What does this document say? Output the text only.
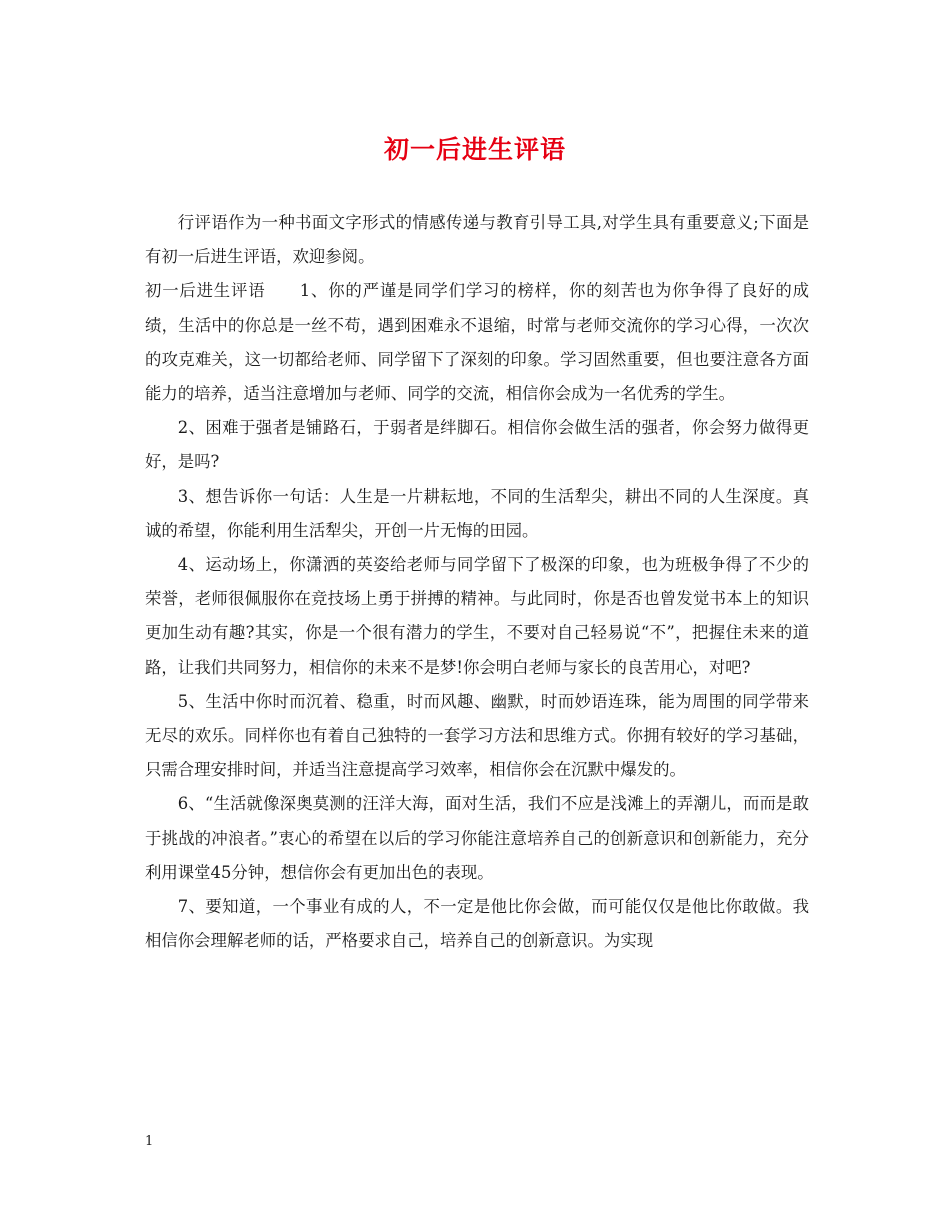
初一后进生评语

行评语作为一种书面文字形式的情感传递与教育引导工具,对学生具有重要意义;下面是有初一后进生评语，欢迎参阅。

初一后进生评语　　1、你的严谨是同学们学习的榜样，你的刻苦也为你争得了良好的成绩，生活中的你总是一丝不苟，遇到困难永不退缩，时常与老师交流你的学习心得，一次次的攻克难关，这一切都给老师、同学留下了深刻的印象。学习固然重要，但也要注意各方面能力的培养，适当注意增加与老师、同学的交流，相信你会成为一名优秀的学生。

2、困难于强者是铺路石，于弱者是绊脚石。相信你会做生活的强者，你会努力做得更好，是吗?

3、想告诉你一句话：人生是一片耕耘地，不同的生活犁尖，耕出不同的人生深度。真诚的希望，你能利用生活犁尖，开创一片无悔的田园。

4、运动场上，你潇洒的英姿给老师与同学留下了极深的印象，也为班极争得了不少的荣誉，老师很佩服你在竞技场上勇于拼搏的精神。与此同时，你是否也曾发觉书本上的知识更加生动有趣?其实，你是一个很有潜力的学生，不要对自己轻易说“不”，把握住未来的道路，让我们共同努力，相信你的未来不是梦!你会明白老师与家长的良苦用心，对吧?

5、生活中你时而沉着、稳重，时而风趣、幽默，时而妙语连珠，能为周围的同学带来无尽的欢乐。同样你也有着自己独特的一套学习方法和思维方式。你拥有较好的学习基础，只需合理安排时间，并适当注意提高学习效率，相信你会在沉默中爆发的。

6、“生活就像深奥莫测的汪洋大海，面对生活，我们不应是浅滩上的弄潮儿，而而是敢于挑战的冲浪者。”衷心的希望在以后的学习你能注意培养自己的创新意识和创新能力，充分利用课堂45分钟，想信你会有更加出色的表现。

7、要知道，一个事业有成的人，不一定是他比你会做，而可能仅仅是他比你敢做。我相信你会理解老师的话，严格要求自己，培养自己的创新意识。为实现

1
